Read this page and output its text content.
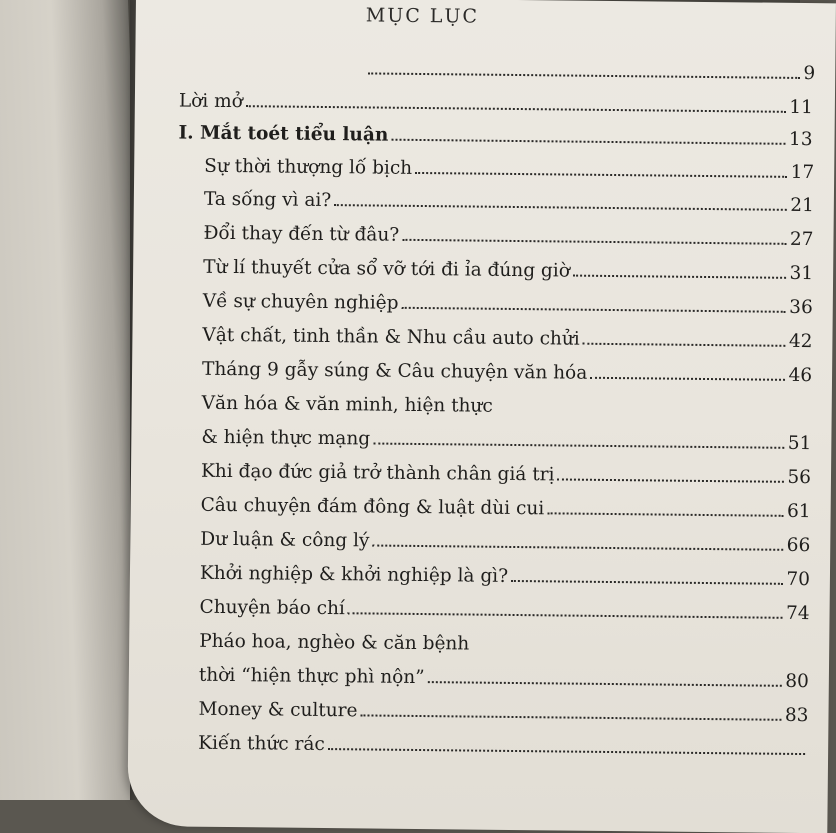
MỤC LỤC
9
Lời mở	11
I. Mắt toét tiểu luận	13
Sự thời thượng lố bịch	17
Ta sống vì ai?	21
Đổi thay đến từ đâu?	27
Từ lí thuyết cửa sổ vỡ tới đi ỉa đúng giờ	31
Về sự chuyên nghiệp	36
Vật chất, tinh thần & Nhu cầu auto chửi	42
Tháng 9 gẫy súng & Câu chuyện văn hóa	46
Văn hóa & văn minh, hiện thực
& hiện thực mạng	51
Khi đạo đức giả trở thành chân giá trị	56
Câu chuyện đám đông & luật dùi cui	61
Dư luận & công lý	66
Khởi nghiệp & khởi nghiệp là gì?	70
Chuyện báo chí	74
Pháo hoa, nghèo & căn bệnh
thời “hiện thực phì nộn”	80
Money & culture	83
Kiến thức rác
